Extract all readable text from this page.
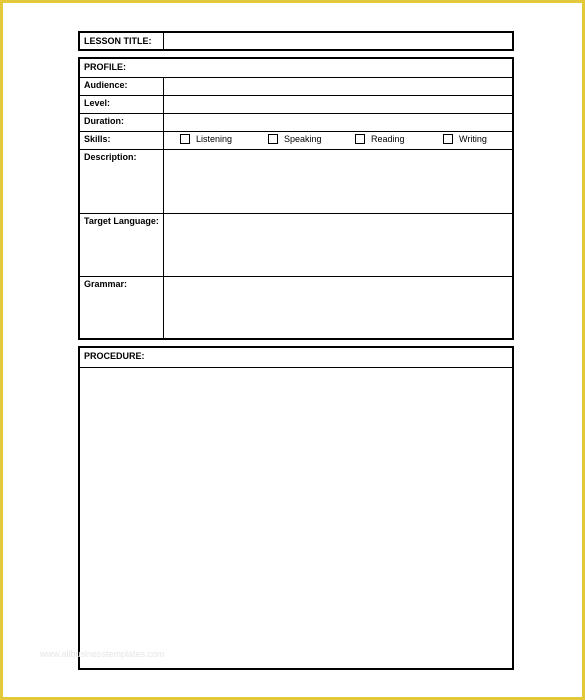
LESSON TITLE:
PROFILE:
Audience:
Level:
Duration:
Skills:	Listening	Speaking	Reading	Writing
Description:
Target Language:
Grammar:
PROCEDURE:
www.allbusinesstemplates.com
